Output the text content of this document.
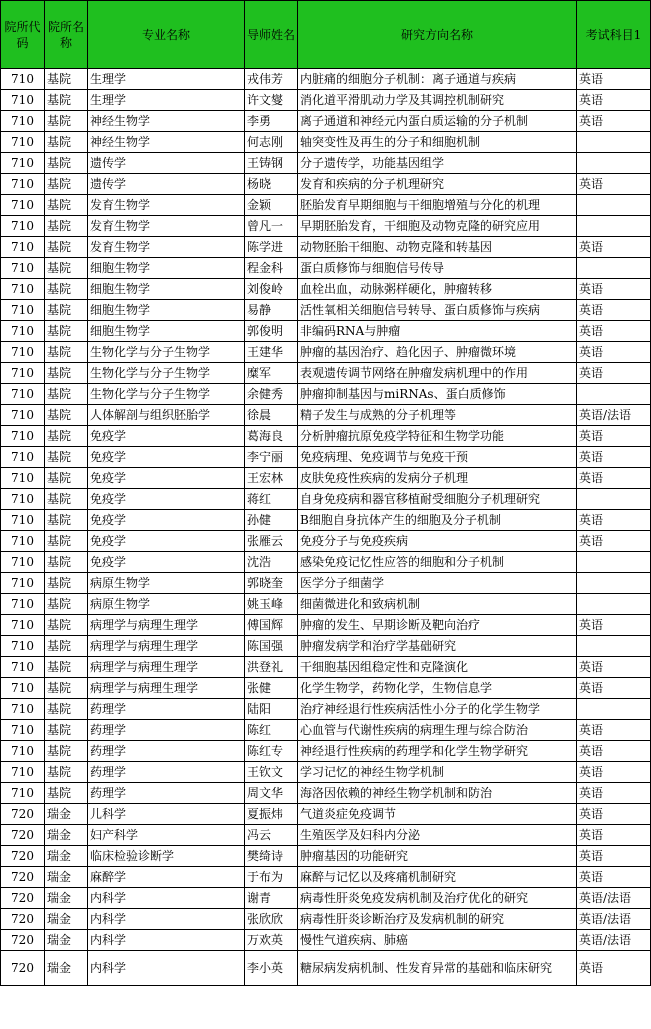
院所代码	院所名称	专业名称	导师姓名	研究方向名称	考试科目1
710	基院	生理学	戎伟芳	内脏痛的细胞分子机制：离子通道与疾病	英语
710	基院	生理学	许文燮	消化道平滑肌动力学及其调控机制研究	英语
710	基院	神经生物学	李勇	离子通道和神经元内蛋白质运输的分子机制	英语
710	基院	神经生物学	何志刚	轴突变性及再生的分子和细胞机制	
710	基院	遗传学	王铸钢	分子遗传学，功能基因组学	
710	基院	遗传学	杨晓	发育和疾病的分子机理研究	英语
710	基院	发育生物学	金颖	胚胎发育早期细胞与干细胞增殖与分化的机理	
710	基院	发育生物学	曾凡一	早期胚胎发育，干细胞及动物克隆的研究应用	
710	基院	发育生物学	陈学进	动物胚胎干细胞、动物克隆和转基因	英语
710	基院	细胞生物学	程金科	蛋白质修饰与细胞信号传导	
710	基院	细胞生物学	刘俊岭	血栓出血，动脉粥样硬化，肿瘤转移	英语
710	基院	细胞生物学	易静	活性氧相关细胞信号转导、蛋白质修饰与疾病	英语
710	基院	细胞生物学	郭俊明	非编码RNA与肿瘤	英语
710	基院	生物化学与分子生物学	王建华	肿瘤的基因治疗、趋化因子、肿瘤微环境	英语
710	基院	生物化学与分子生物学	糜军	表观遗传调节网络在肿瘤发病机理中的作用	英语
710	基院	生物化学与分子生物学	余健秀	肿瘤抑制基因与miRNAs、蛋白质修饰	
710	基院	人体解剖与组织胚胎学	徐晨	精子发生与成熟的分子机理等	英语/法语
710	基院	免疫学	葛海良	分析肿瘤抗原免疫学特征和生物学功能	英语
710	基院	免疫学	李宁丽	免疫病理、免疫调节与免疫干预	英语
710	基院	免疫学	王宏林	皮肤免疫性疾病的发病分子机理	英语
710	基院	免疫学	蒋红	自身免疫病和器官移植耐受细胞分子机理研究	
710	基院	免疫学	孙健	B细胞自身抗体产生的细胞及分子机制	英语
710	基院	免疫学	张雁云	免疫分子与免疫疾病	英语
710	基院	免疫学	沈浩	感染免疫记忆性应答的细胞和分子机制	
710	基院	病原生物学	郭晓奎	医学分子细菌学	
710	基院	病原生物学	姚玉峰	细菌微进化和致病机制	
710	基院	病理学与病理生理学	傅国辉	肿瘤的发生、早期诊断及靶向治疗	英语
710	基院	病理学与病理生理学	陈国强	肿瘤发病学和治疗学基础研究	
710	基院	病理学与病理生理学	洪登礼	干细胞基因组稳定性和克隆演化	英语
710	基院	病理学与病理生理学	张健	化学生物学，药物化学，生物信息学	英语
710	基院	药理学	陆阳	治疗神经退行性疾病活性小分子的化学生物学	
710	基院	药理学	陈红	心血管与代谢性疾病的病理生理与综合防治	英语
710	基院	药理学	陈红专	神经退行性疾病的药理学和化学生物学研究	英语
710	基院	药理学	王钦文	学习记忆的神经生物学机制	英语
710	基院	药理学	周文华	海洛因依赖的神经生物学机制和防治	英语
720	瑞金	儿科学	夏振炜	气道炎症免疫调节	英语
720	瑞金	妇产科学	冯云	生殖医学及妇科内分泌	英语
720	瑞金	临床检验诊断学	樊绮诗	肿瘤基因的功能研究	英语
720	瑞金	麻醉学	于布为	麻醉与记忆以及疼痛机制研究	英语
720	瑞金	内科学	谢青	病毒性肝炎免疫发病机制及治疗优化的研究	英语/法语
720	瑞金	内科学	张欣欣	病毒性肝炎诊断治疗及发病机制的研究	英语/法语
720	瑞金	内科学	万欢英	慢性气道疾病、肺癌	英语/法语
720	瑞金	内科学	李小英	糖尿病发病机制、性发育异常的基础和临床研究	英语
